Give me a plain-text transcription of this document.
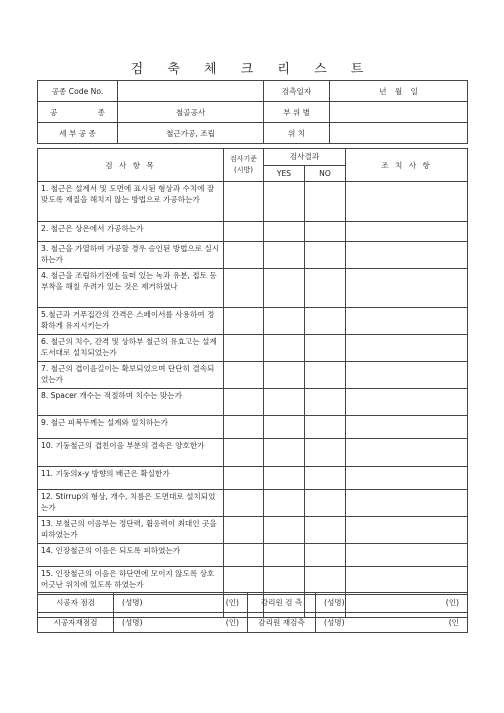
검 축 체 크 리 스 트
공종 Code No.		검측일자	년 월 일
공 종	철골공사	부 위 별	
세 부 공 종	철근가공, 조립	위 치	
검 사 항 목	검사기준
(시방)	검사결과		조 치 사 항
		YES	NO	
1. 철근은 설계서 및 도면에 표시된 형상과 수치에 잘 맞도록 재질을 해치지 않는 방법으로 가공하는가				
2. 철근은 상온에서 가공하는가				
3. 철근을 가열하여 가공할 경우 승인된 방법으로 실시하는가				
4. 철근을 조립하기전에 들떠 있는 녹과 유분, 접토 등 부착을 해칠 우려가 있는 것은 제거하였나				
5.철근과 거푸집간의 간격은 스페이서를 사용하여 정확하게 유지시키는가				
6. 철근의 치수, 간격 및 상하부 철근의 유효고는 설계도서대로 설치되었는가				
7. 철근의 겹이음길이는 확보되었으며 단단히 결속되었는가				
8. Spacer 개수는 적절하며 치수는 맞는가				
9. 철근 피복두께는 설계와 일치하는가				
10. 기둥철근의 겹친이음 부분의 결속은 양호한가				
11. 기둥의x-y 방향의 배근은 확실한가				
12. Stirrup의 형상, 개수, 치름은 도면대로 설치되었는가				
13. 보철근의 이음부는 정단력, 휨응력이 최대인 곳을 피하였는가				
14. 인장철근의 이음은 되도록 피하였는가				
15. 인장철근의 이음은 하단면에 모이지 않도록 상호 어긋난 위치에 있도록 하였는가				

시공자 점검	(성명) (인)	감리원 검 측	(성명) (인)

시공자재점검	(성명) (인)	감리원 재검측	(성명) (인
